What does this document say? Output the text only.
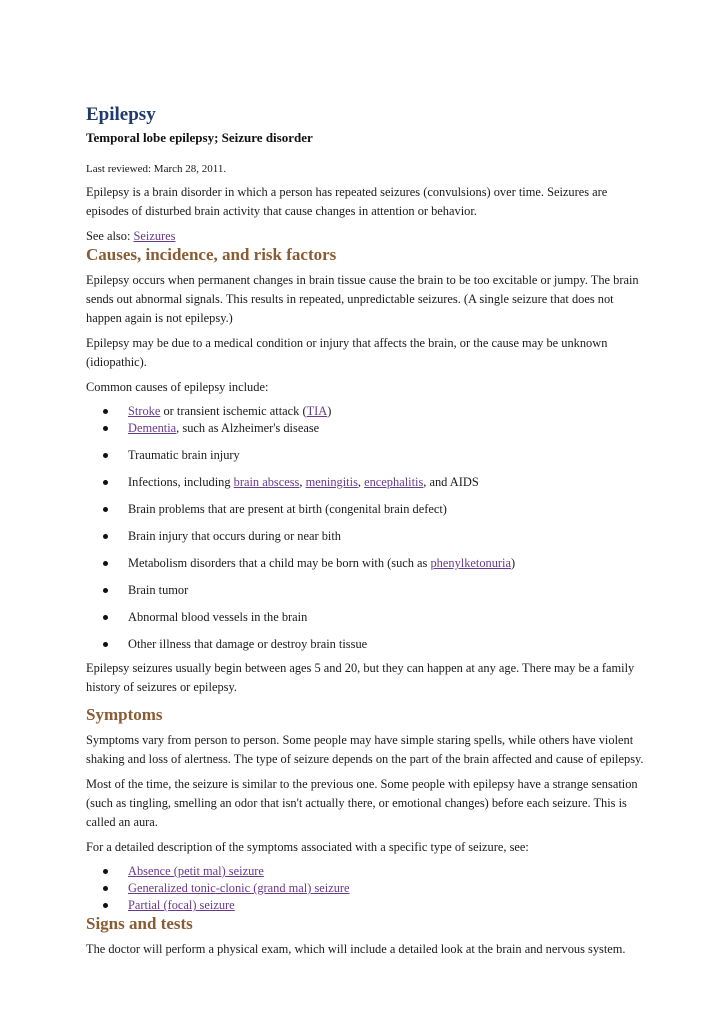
Epilepsy
Temporal lobe epilepsy; Seizure disorder

Last reviewed: March 28, 2011.

Epilepsy is a brain disorder in which a person has repeated seizures (convulsions) over time. Seizures are episodes of disturbed brain activity that cause changes in attention or behavior.

See also: Seizures

Causes, incidence, and risk factors

Epilepsy occurs when permanent changes in brain tissue cause the brain to be too excitable or jumpy. The brain sends out abnormal signals. This results in repeated, unpredictable seizures. (A single seizure that does not happen again is not epilepsy.)

Epilepsy may be due to a medical condition or injury that affects the brain, or the cause may be unknown (idiopathic).

Common causes of epilepsy include:

Stroke or transient ischemic attack (TIA)
Dementia, such as Alzheimer's disease
Traumatic brain injury
Infections, including brain abscess, meningitis, encephalitis, and AIDS
Brain problems that are present at birth (congenital brain defect)
Brain injury that occurs during or near bith
Metabolism disorders that a child may be born with (such as phenylketonuria)
Brain tumor
Abnormal blood vessels in the brain
Other illness that damage or destroy brain tissue

Epilepsy seizures usually begin between ages 5 and 20, but they can happen at any age. There may be a family history of seizures or epilepsy.

Symptoms

Symptoms vary from person to person. Some people may have simple staring spells, while others have violent shaking and loss of alertness. The type of seizure depends on the part of the brain affected and cause of epilepsy.

Most of the time, the seizure is similar to the previous one. Some people with epilepsy have a strange sensation (such as tingling, smelling an odor that isn't actually there, or emotional changes) before each seizure. This is called an aura.

For a detailed description of the symptoms associated with a specific type of seizure, see:

Absence (petit mal) seizure
Generalized tonic-clonic (grand mal) seizure
Partial (focal) seizure
Signs and tests

The doctor will perform a physical exam, which will include a detailed look at the brain and nervous system.
